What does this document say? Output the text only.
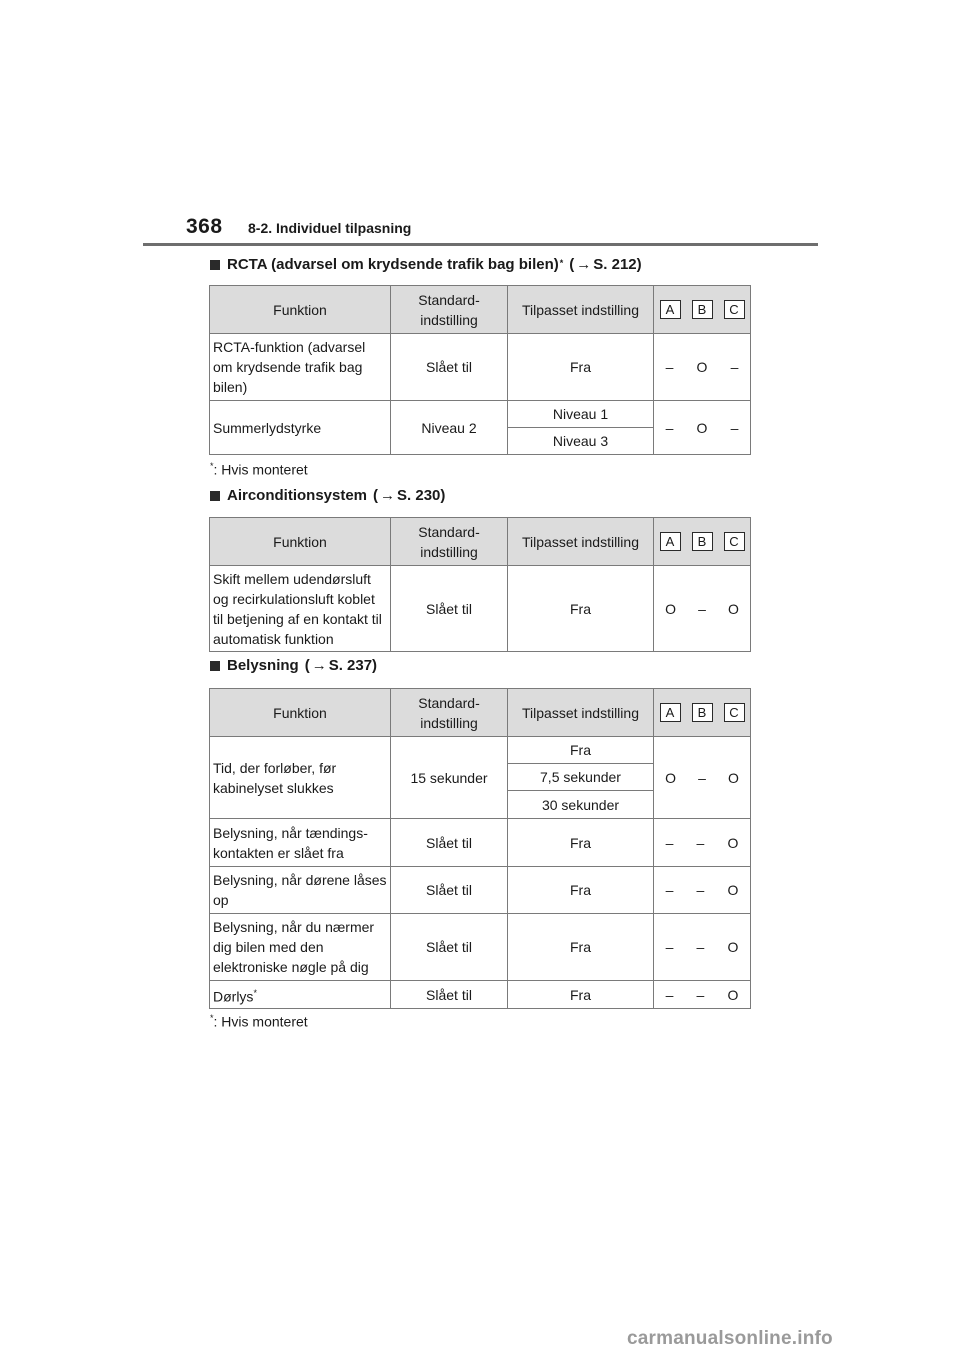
368 8-2. Individuel tilpasning
RCTA (advarsel om krydsende trafik bag bilen)* ( → S. 212)
Funktion	Standard-
indstilling	Tilpasset indstilling	A B C

RCTA-funktion (advarsel om krydsende trafik bag bilen)	Slået til	Fra	– O –

Summerlydstyrke	Niveau 2	Niveau 1	– O –

		Niveau 3	
*: Hvis monteret
Airconditionsystem ( → S. 230)
Funktion	Standard-
indstilling	Tilpasset indstilling	A B C

Skift mellem udendørsluft og recirkulationsluft koblet til betjening af en kontakt til automatisk funktion	Slået til	Fra	O – O
Belysning ( → S. 237)
Funktion	Standard-
indstilling	Tilpasset indstilling	A B C

Tid, der forløber, før kabinelyset slukkes	15 sekunder	Fra	O – O

		7,5 sekunder	
		30 sekunder	
Belysning, når tændings-kontakten er slået fra	Slået til	Fra	– – O

Belysning, når dørene låses op	Slået til	Fra	– – O

Belysning, når du nærmer dig bilen med den elektroniske nøgle på dig	Slået til	Fra	– – O

Dørlys*	Slået til	Fra	– – O
*: Hvis monteret
carmanualsonline.info
